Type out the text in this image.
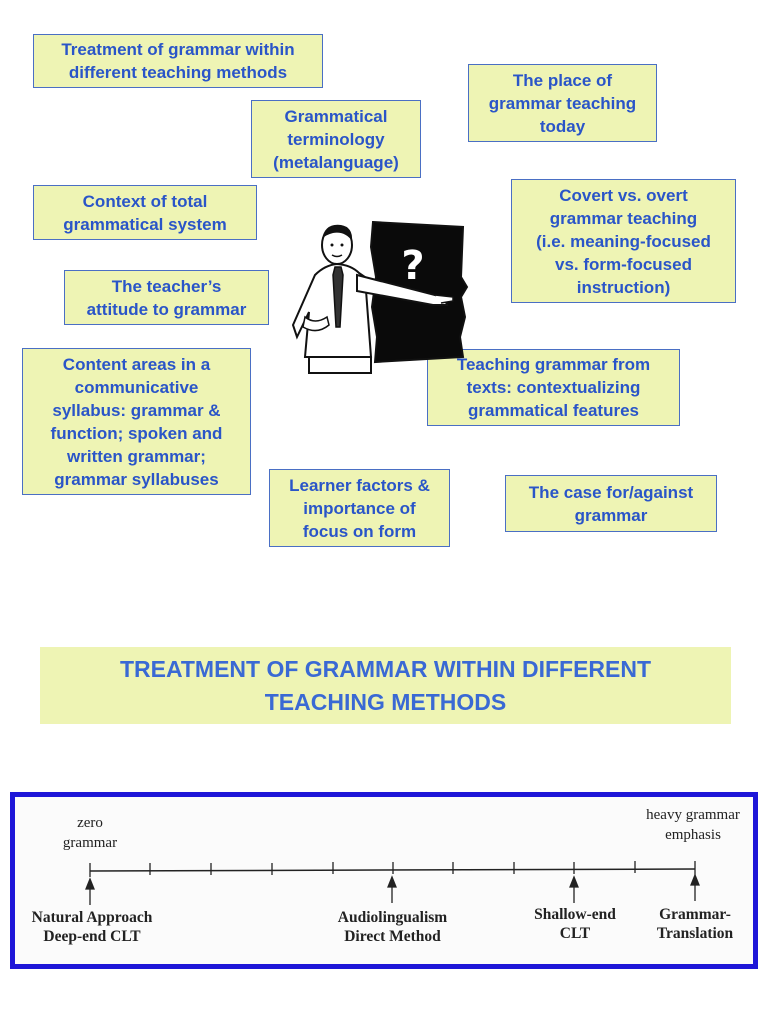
Treatment of grammar within
different teaching methods	The place of
grammar teaching
today
Grammatical
terminology
(metalanguage)
Context of total
grammatical system
Covert vs. overt
grammar teaching
(i.e. meaning-focused
vs. form-focused
instruction)
The teacher’s
attitude to grammar
Content areas in a
communicative
syllabus: grammar &
function; spoken and
written grammar;
grammar syllabuses
Teaching grammar from
texts: contextualizing
grammatical features
Learner factors &
importance of
focus on form
The case for/against
grammar
?
TREATMENT OF GRAMMAR WITHIN DIFFERENT
TEACHING METHODS
zero
grammar
heavy grammar
emphasis
Natural Approach
Deep-end CLT
Audiolingualism
Direct Method
Shallow-end
CLT
Grammar-
Translation
